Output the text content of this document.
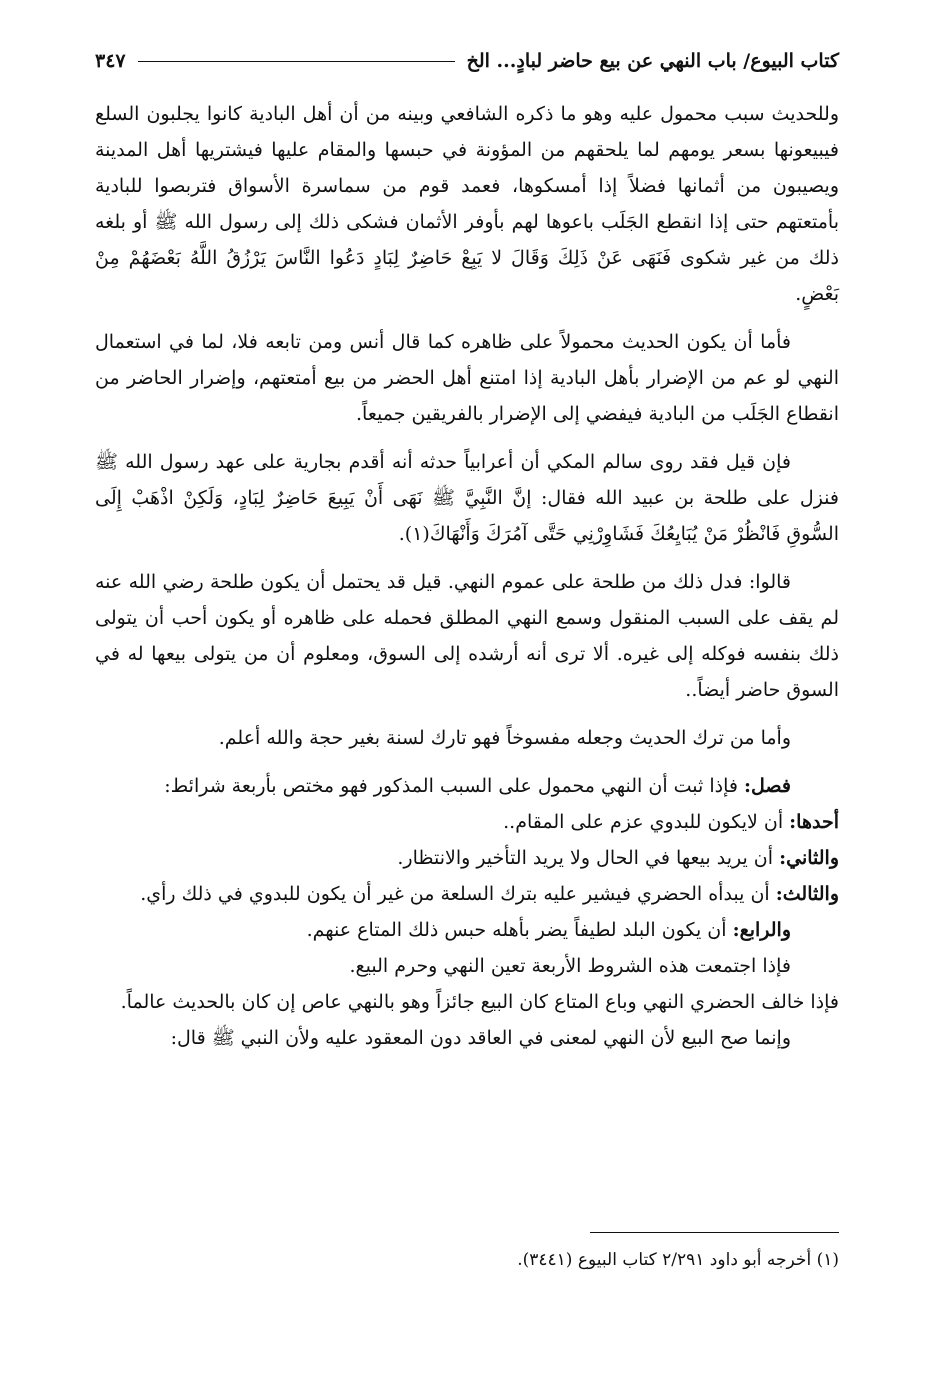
كتاب البيوع/ باب النهي عن بيع حاضر لبادٍ... الخ
٣٤٧

وللحديث سبب محمول عليه وهو ما ذكره الشافعي وبينه من أن أهل البادية كانوا يجلبون السلع فيبيعونها بسعر يومهم لما يلحقهم من المؤونة في حبسها والمقام عليها فيشتريها أهل المدينة ويصيبون من أثمانها فضلاً إذا أمسكوها، فعمد قوم من سماسرة الأسواق فتربصوا للبادية بأمتعتهم حتى إذا انقطع الجَلَب باعوها لهم بأوفر الأثمان فشكى ذلك إلى رسول الله ﷺ أو بلغه ذلك من غير شكوى فَنَهَى عَنْ ذَلِكَ وَقَالَ لا يَبِعْ حَاضِرٌ لِبَادٍ دَعُوا النَّاسَ يَرْزُقُ اللَّهُ بَعْضَهُمْ مِنْ بَعْضٍ.

فأما أن يكون الحديث محمولاً على ظاهره كما قال أنس ومن تابعه فلا، لما في استعمال النهي لو عم من الإضرار بأهل البادية إذا امتنع أهل الحضر من بيع أمتعتهم، وإضرار الحاضر من انقطاع الجَلَب من البادية فيفضي إلى الإضرار بالفريقين جميعاً.

فإن قيل فقد روى سالم المكي أن أعرابياً حدثه أنه أقدم بجارية على عهد رسول الله ﷺ فنزل على طلحة بن عبيد الله فقال: إنَّ النَّبِيَّ ﷺ نَهَى أَنْ يَبِيعَ حَاضِرٌ لِبَادٍ، وَلَكِنْ اذْهَبْ إِلَى السُّوقِ فَانْظُرْ مَنْ يُبَايِعُكَ فَشَاوِرْنِي حَتَّى آمُرَكَ وَأَنْهَاكَ(١).

قالوا: فدل ذلك من طلحة على عموم النهي. قيل قد يحتمل أن يكون طلحة رضي الله عنه لم يقف على السبب المنقول وسمع النهي المطلق فحمله على ظاهره أو يكون أحب أن يتولى ذلك بنفسه فوكله إلى غيره. ألا ترى أنه أرشده إلى السوق، ومعلوم أن من يتولى بيعها له في السوق حاضر أيضاً..

وأما من ترك الحديث وجعله مفسوخاً فهو تارك لسنة بغير حجة والله أعلم.

فصل: فإذا ثبت أن النهي محمول على السبب المذكور فهو مختص بأربعة شرائط:

أحدها: أن لايكون للبدوي عزم على المقام..

والثاني: أن يريد بيعها في الحال ولا يريد التأخير والانتظار.

والثالث: أن يبدأه الحضري فيشير عليه بترك السلعة من غير أن يكون للبدوي في ذلك رأي.

والرابع: أن يكون البلد لطيفاً يضر بأهله حبس ذلك المتاع عنهم.

فإذا اجتمعت هذه الشروط الأربعة تعين النهي وحرم البيع.

فإذا خالف الحضري النهي وباع المتاع كان البيع جائزاً وهو بالنهي عاص إن كان بالحديث عالماً.

وإنما صح البيع لأن النهي لمعنى في العاقد دون المعقود عليه ولأن النبي ﷺ قال:

(١) أخرجه أبو داود ٢/٢٩١ كتاب البيوع (٣٤٤١).
